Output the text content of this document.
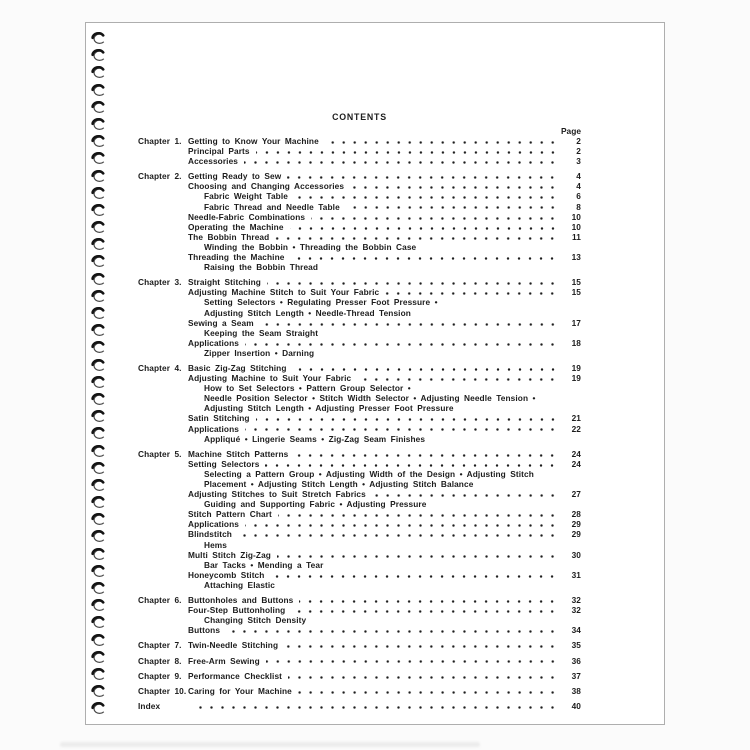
CONTENTS
Page
Chapter 1. Getting to Know Your Machine	2
Principal Parts	2
Accessories	3
Chapter 2. Getting Ready to Sew	4
Choosing and Changing Accessories	4
Fabric Weight Table	6
Fabric Thread and Needle Table	8
Needle-Fabric Combinations	10
Operating the Machine	10
The Bobbin Thread	11
Winding the Bobbin • Threading the Bobbin Case
Threading the Machine	13
Raising the Bobbin Thread
Chapter 3. Straight Stitching	15
Adjusting Machine Stitch to Suit Your Fabric	15
Setting Selectors • Regulating Presser Foot Pressure •
Adjusting Stitch Length • Needle-Thread Tension
Sewing a Seam	17
Keeping the Seam Straight
Applications	18
Zipper Insertion • Darning
Chapter 4. Basic Zig-Zag Stitching	19
Adjusting Machine to Suit Your Fabric	19
How to Set Selectors • Pattern Group Selector •
Needle Position Selector • Stitch Width Selector • Adjusting Needle Tension •
Adjusting Stitch Length • Adjusting Presser Foot Pressure
Satin Stitching	21
Applications	22
Appliqué • Lingerie Seams • Zig-Zag Seam Finishes
Chapter 5. Machine Stitch Patterns	24
Setting Selectors	24
Selecting a Pattern Group • Adjusting Width of the Design • Adjusting Stitch
Placement • Adjusting Stitch Length • Adjusting Stitch Balance
Adjusting Stitches to Suit Stretch Fabrics	27
Guiding and Supporting Fabric • Adjusting Pressure
Stitch Pattern Chart	28
Applications	29
Blindstitch	29
Hems
Multi Stitch Zig-Zag	30
Bar Tacks • Mending a Tear
Honeycomb Stitch	31
Attaching Elastic
Chapter 6. Buttonholes and Buttons	32
Four-Step Buttonholing	32
Changing Stitch Density
Buttons	34
Chapter 7. Twin-Needle Stitching	35
Chapter 8. Free-Arm Sewing	36
Chapter 9. Performance Checklist	37
Chapter 10. Caring for Your Machine	38
Index	40
